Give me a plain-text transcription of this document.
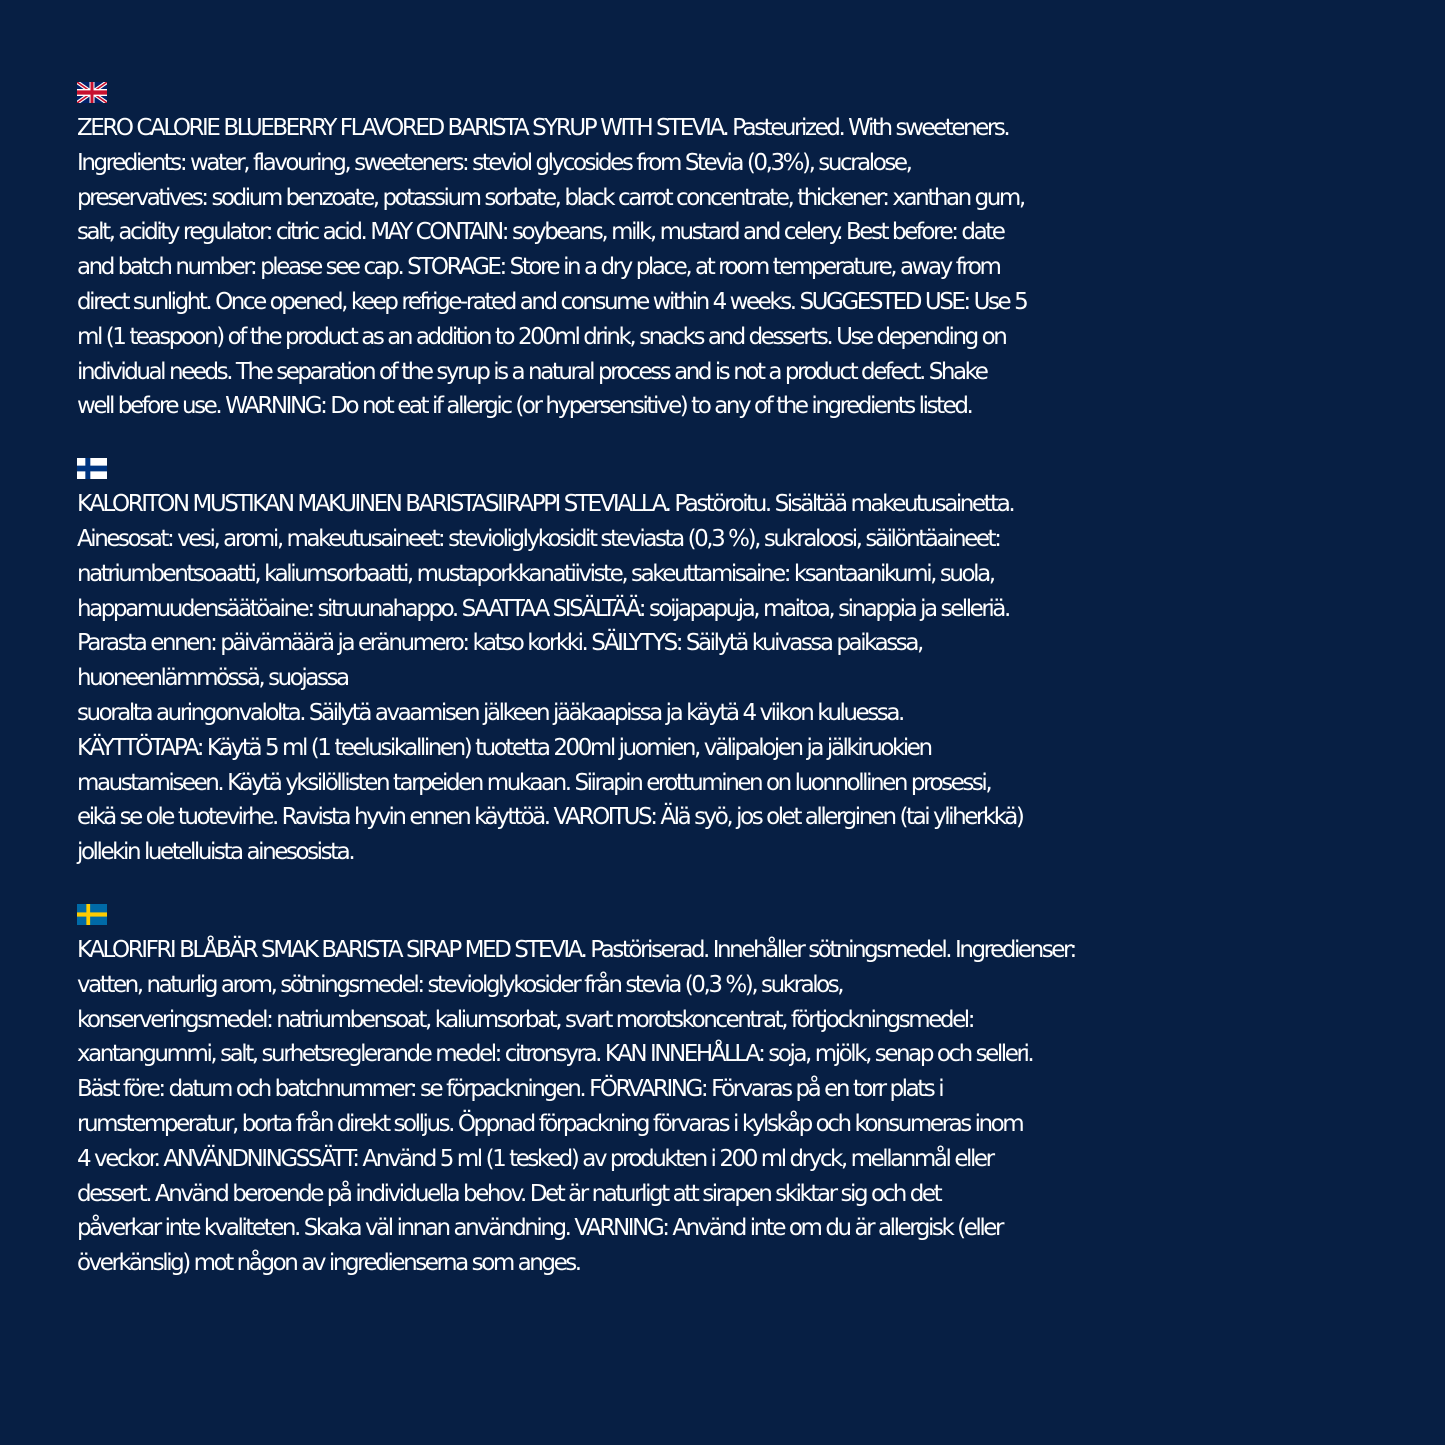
ZERO CALORIE BLUEBERRY FLAVORED BARISTA SYRUP WITH STEVIA. Pasteurized. With sweeteners.
Ingredients: water, flavouring, sweeteners: steviol glycosides from Stevia (0,3%), sucralose,
preservatives: sodium benzoate, potassium sorbate, black carrot concentrate, thickener: xanthan gum,
salt, acidity regulator: citric acid. MAY CONTAIN: soybeans, milk, mustard and celery. Best before: date
and batch number: please see cap. STORAGE: Store in a dry place, at room temperature, away from
direct sunlight. Once opened, keep refrige-rated and consume within 4 weeks. SUGGESTED USE: Use 5
ml (1 teaspoon) of the product as an addition to 200ml drink, snacks and desserts. Use depending on
individual needs. The separation of the syrup is a natural process and is not a product defect. Shake
well before use. WARNING: Do not eat if allergic (or hypersensitive) to any of the ingredients listed.

KALORITON MUSTIKAN MAKUINEN BARISTASIIRAPPI STEVIALLA. Pastöroitu. Sisältää makeutusainetta.
Ainesosat: vesi, aromi, makeutusaineet: stevioliglykosidit steviasta (0,3 %), sukraloosi, säilöntäaineet:
natriumbentsoaatti, kaliumsorbaatti, mustaporkkanatiiviste, sakeuttamisaine: ksantaanikumi, suola,
happamuudensäätöaine: sitruunahappo. SAATTAA SISÄLTÄÄ: soijapapuja, maitoa, sinappia ja selleriä.
Parasta ennen: päivämäärä ja eränumero: katso korkki. SÄILYTYS: Säilytä kuivassa paikassa,
huoneenlämmössä, suojassa
suoralta auringonvalolta. Säilytä avaamisen jälkeen jääkaapissa ja käytä 4 viikon kuluessa.
KÄYTTÖTAPA: Käytä 5 ml (1 teelusikallinen) tuotetta 200ml juomien, välipalojen ja jälkiruokien
maustamiseen. Käytä yksilöllisten tarpeiden mukaan. Siirapin erottuminen on luonnollinen prosessi,
eikä se ole tuotevirhe. Ravista hyvin ennen käyttöä. VAROITUS: Älä syö, jos olet allerginen (tai yliherkkä)
jollekin luetelluista ainesosista.

KALORIFRI BLÅBÄR SMAK BARISTA SIRAP MED STEVIA. Pastöriserad. Innehåller sötningsmedel. Ingredienser:
vatten, naturlig arom, sötningsmedel: steviolglykosider från stevia (0,3 %), sukralos,
konserveringsmedel: natriumbensoat, kaliumsorbat, svart morotskoncentrat, förtjockningsmedel:
xantangummi, salt, surhetsreglerande medel: citronsyra. KAN INNEHÅLLA: soja, mjölk, senap och selleri.
Bäst före: datum och batchnummer: se förpackningen. FÖRVARING: Förvaras på en torr plats i
rumstemperatur, borta från direkt solljus. Öppnad förpackning förvaras i kylskåp och konsumeras inom
4 veckor. ANVÄNDNINGSSÄTT: Använd 5 ml (1 tesked) av produkten i 200 ml dryck, mellanmål eller
dessert. Använd beroende på individuella behov. Det är naturligt att sirapen skiktar sig och det
påverkar inte kvaliteten. Skaka väl innan användning. VARNING: Använd inte om du är allergisk (eller
överkänslig) mot någon av ingredienserna som anges.
